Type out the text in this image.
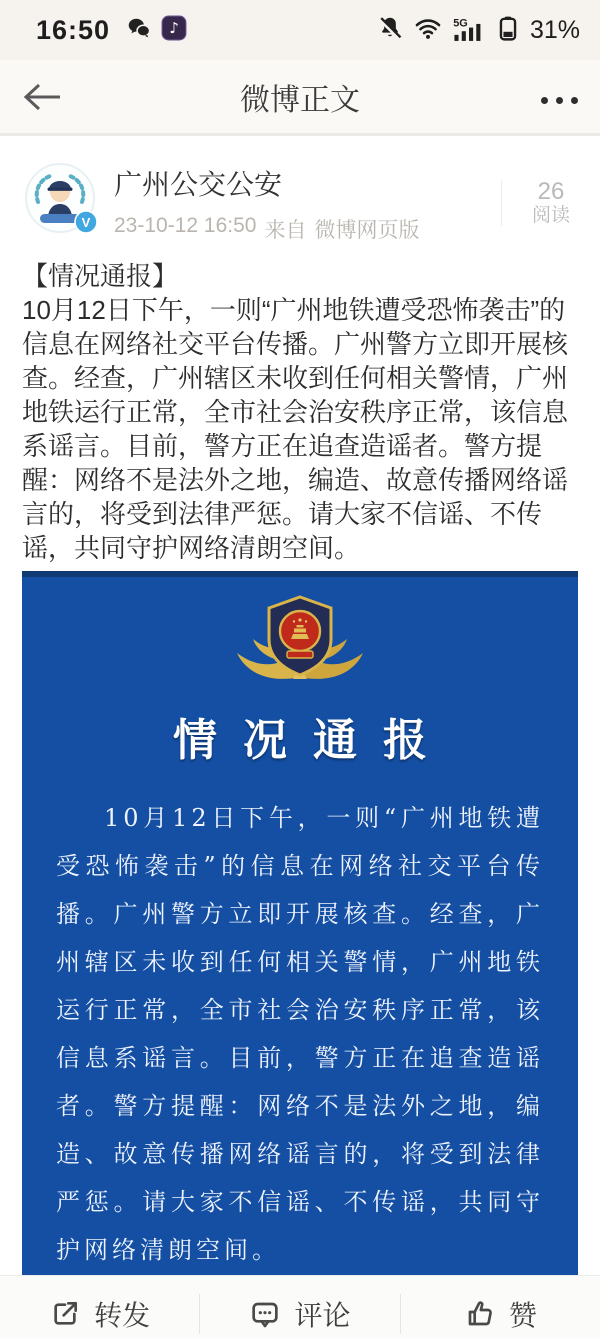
16:50	♪	5G 31%
微博正文
V
广州公交公安
23-10-12 16:50 来自 微博网页版
26
阅读
【情况通报】

10月12日下午，一则“广州地铁遭受恐怖袭击”的信息在网络社交平台传播。广州警方立即开展核查。经查，广州辖区未收到任何相关警情，广州地铁运行正常，全市社会治安秩序正常，该信息系谣言。目前，警方正在追查造谣者。警方提醒：网络不是法外之地，编造、故意传播网络谣言的，将受到法律严惩。请大家不信谣、不传谣，共同守护网络清朗空间。

情况通报

10月12日下午，一则“广州地铁遭受恐怖袭击”的信息在网络社交平台传播。广州警方立即开展核查。经查，广州辖区未收到任何相关警情，广州地铁运行正常，全市社会治安秩序正常，该信息系谣言。目前，警方正在追查造谣者。警方提醒：网络不是法外之地，编造、故意传播网络谣言的，将受到法律严惩。请大家不信谣、不传谣，共同守护网络清朗空间。

转发	评论	赞
